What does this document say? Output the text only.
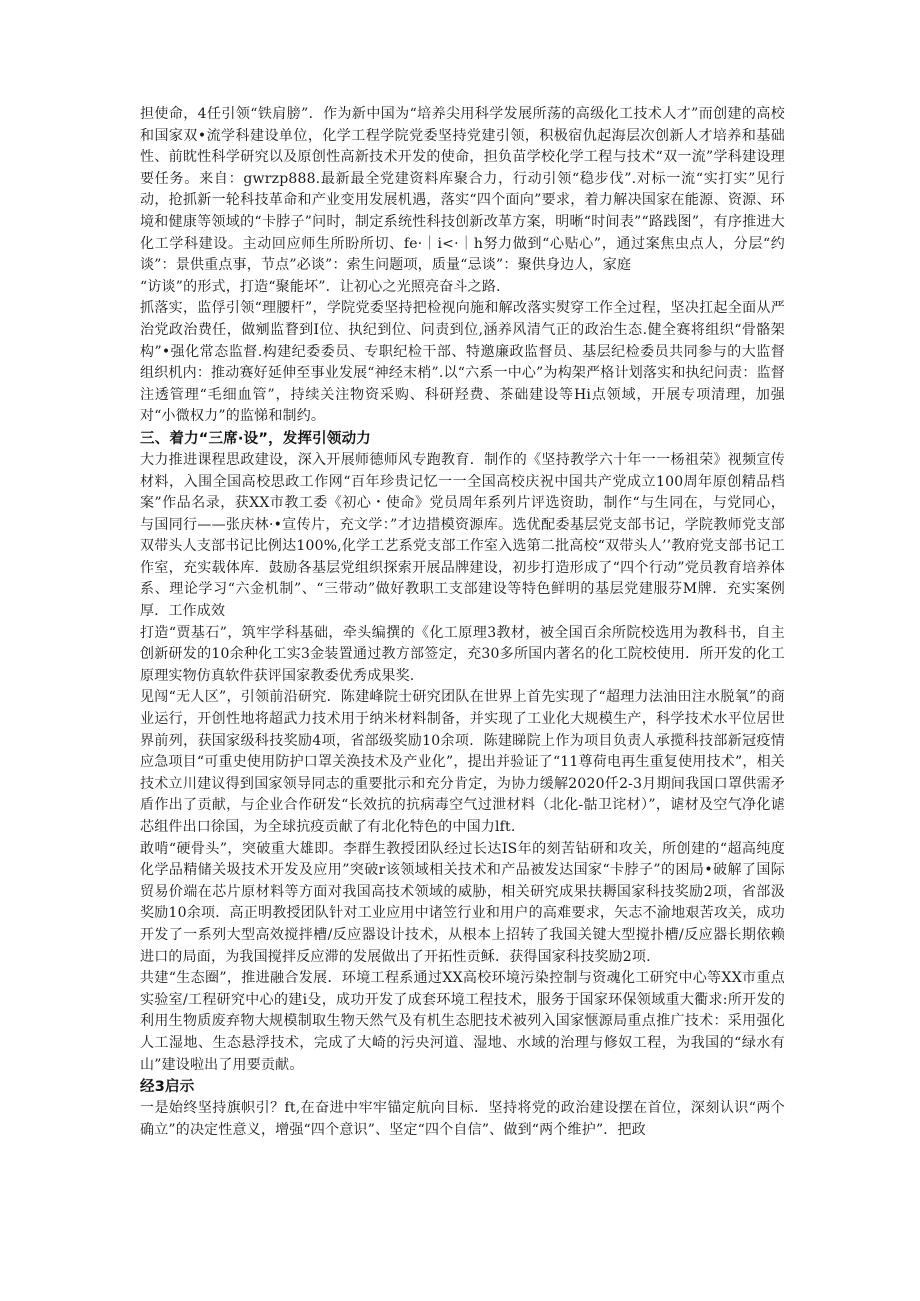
担使命，4任引领“铁肩膀”．作为新中国为“培养尖用科学发展所荡的高级化工技术人才”而创建的高校和国家双•流学科建设单位，化学工程学院党委坚持党建引领，积极宿仇起海层次创新人才培养和基础性、前眈性科学研究以及原创性高新技术开发的使命，担负苗学校化学工程与技术“双一流”学科建设理要任务。来自：gwrzp888.最新最全党建资料库聚合力，行动引领“稳步伐”.对标一流“实打实”见行动，抢抓新一轮科技革命和产业变用发展机遇，落实“四个面向”要求，着力解决国家在能源、资源、环境和健康等领域的“卡脖子”问时，制定系统性科技创新改革方案，明晰“时间表”“路践图”，有序推进大化工学科建设。主动回应师生所盼所切、fe·｜i<·｜h努力做到“心贴心”，通过案焦虫点人，分层“约谈”：景供重点事，节点”必谈”：索生问题项，质量“忌谈”：聚供身边人，家庭

“访谈”的形式，打造“聚能坏”．让初心之光照亮奋斗之路.

抓落实，监俘引领“理腰杆”，学院党委坚持把检视向施和解改落实熨穿工作全过程，坚决扛起全面从严治党政治费任，做剜监瞀到I位、执纪到位、问责到位,涵养风清气正的政治生态.健全赛将组织“骨骼架构”•强化常态监督.构建纪委委员、专职纪检干部、特邀廉政监督员、基层纪检委员共同参与的大监督组织机内：推动赛好延伸至事业发展“神经末梢”.以“六系一中心”为构架严格计划落实和执纪问责：监督注透管理“毛细血管”，持续关注物资采购、科研羟费、茶础建设等Hi点领域，开展专项清理，加强对“小微权力”的监悌和制约。

三、着力“三席·设”，发挥引领动力

大力推进课程思政建设，深入开展师德师风专跑教育．制作的《坚持教学六十年一一杨祖荣》视频宣传材料，入围全国高校思政工作网“百年珍贵记忆一一全国高校庆祝中国共产党成立100周年原创精品档案”作品名录，获XX市教工委《初心・使命》党员周年系列片评选资助，制作“与生同在，与党同心，与国同行——张庆林·•宣传片，充文学：”才边措模资源库。选优配委基层党支部书记，学院教师党支部双带头人支部书记比例达100%,化学工艺系党支部工作室入选第二批高校“双带头人’’教府党支部书记工作室，充实载体库．鼓励各基层党组织探索开展品牌建设，初步打造形成了“四个行动”党员教育培养体系、理论学习“六金机制”、“三带动”做好教职工支部建设等特色鲜明的基层党建服芬M牌．充实案例厚．工作成效

打造“贾基石”，筑牢学科基础，牵头编撰的《化工原理3教材，被全国百余所院校选用为教科书，自主创新研发的10余种化工实3金装置通过教方部签定，充30多所国内著名的化工院校使用．所开发的化工原理实物仿真软件获评国家教委优秀成果奖.

见闯“无人区”，引领前沿研究．陈建峰院士研究团队在世界上首先实现了“超理力法油田注水脱氧”的商业运行，开创性地将超武力技术用于纳米材料制备，并实现了工业化大规模生产，科学技术水平位居世界前列，获国家级科技奖励4项，省部级奖励10余项．陈建睇院上作为项目负责人承揽科技部新冠疫情应急项目“可重史使用防护口罩关涣技术及产业化”，提出并验证了“11尊荷电再生重复使用技术”，相关技术立川建议得到国家领导同志的重要批示和充分肯定，为协力缓解2020仟2-3月期间我国口罩供需矛盾作出了贡献，与企业合作研发“长效抗的抗病毒空气过泄材料（北化-骷卫诧材）”，谑材及空气净化谑芯组件出口徐国，为全球抗疫贡献了有北化特色的中国力lft.

敢啃“硬骨头”，突破重大雄即。李群生教授团队经过长达IS年的刻苦钻研和攻关，所创建的“超高纯度化学品精储关圾技术开发及应用”突破r该领域相关技术和产品被发达国家“卡脖子”的困局•破解了国际贸易价端在芯片原材料等方面对我国高技术领域的威胁，相关研究成果扶耨国家科技奖励2项，省部汲奖励10余项．高正明教授团队针对工业应用中诸笠行业和用户的高难要求，矢志不渝地艰苦攻关，成功开发了一系列大型高效搅拌槽/反应器设计技术，从根本上招转了我国关键大型搅扑槽/反应器长期依赖进口的局面，为我国搅拌反应滞的发展做出了开拓性贡稣．获得国家科技奖励2项.

共建“生态圈”，推进融合发展．环境工程系通过XX高校环境污染控制与资魂化工研究中心等XX市重点实验室/工程研究中心的建i殳，成功开发了成套环境工程技术，服务于国家环保领域重大衢求:所开发的利用生物质废弃物大规模制取生物天然气及有机生态肥技术被列入国家惬源局重点推广技术：采用强化人工湿地、生态悬浮技术，完成了大崎的污央河道、湿地、水域的治理与修奴工程，为我国的“绿水有山”建设啦出了用要贡献。

经3启示

一是始终坚持旗帜引？ft,在奋进中牢牢锚定航向目标．坚持将党的政治建设摆在首位，深刻认识“两个确立”的决定性意义，增强“四个意识”、坚定“四个自信”、做到“两个维护”．把政
